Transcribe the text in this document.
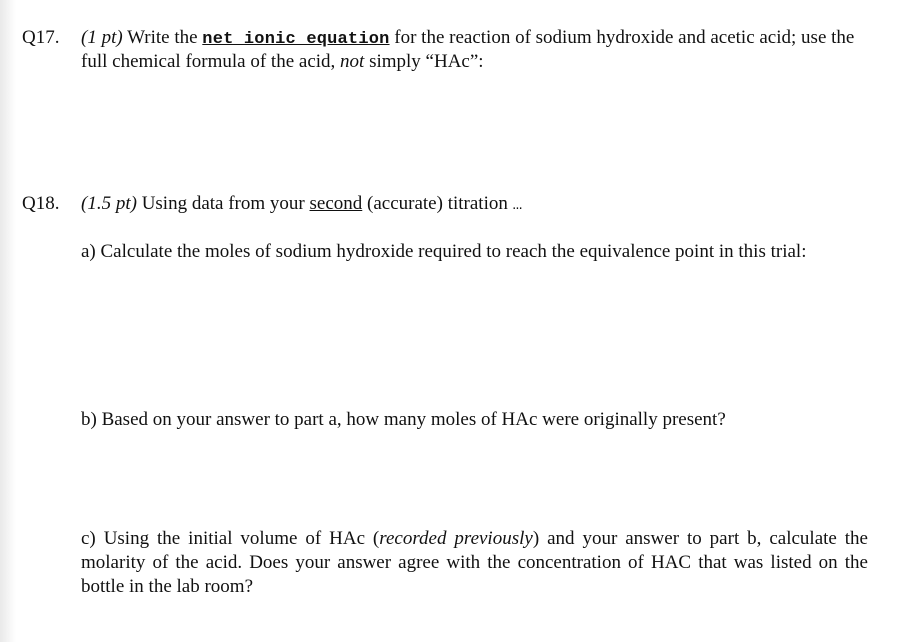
Q17. (1 pt) Write the net ionic equation for the reaction of sodium hydroxide and acetic acid; use the
full chemical formula of the acid, not simply “HAc”:
Q18. (1.5 pt) Using data from your second (accurate) titration …
a) Calculate the moles of sodium hydroxide required to reach the equivalence point in this trial:
b) Based on your answer to part a, how many moles of HAc were originally present?
c) Using the initial volume of HAc (recorded previously) and your answer to part b, calculate the molarity of the acid. Does your answer agree with the concentration of HAC that was listed on the bottle in the lab room?
